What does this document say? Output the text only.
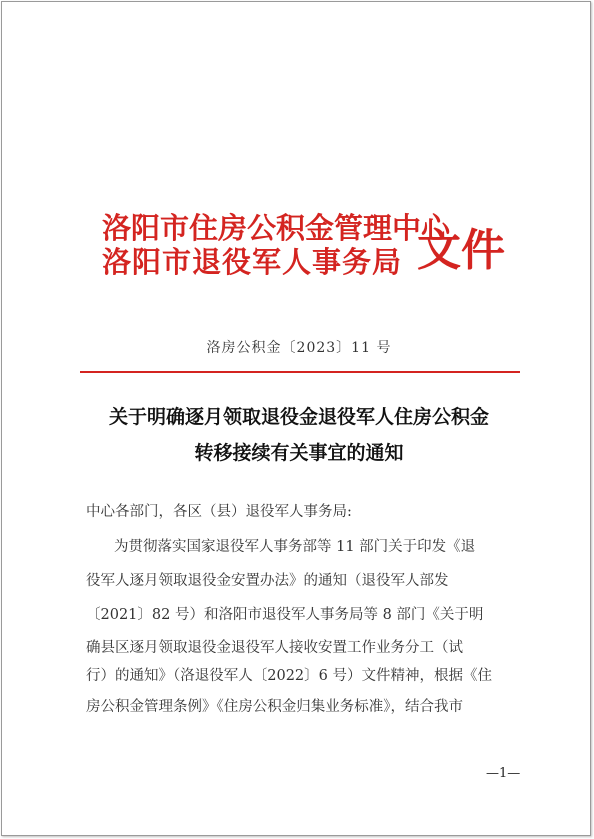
洛阳市住房公积金管理中心
洛阳市退役军人事务局 文件
洛房公积金〔2023〕11 号
关于明确逐月领取退役金退役军人住房公积金
转移接续有关事宜的通知
中心各部门，各区（县）退役军人事务局:
为贯彻落实国家退役军人事务部等 11 部门关于印发《退
役军人逐月领取退役金安置办法》的通知（退役军人部发
〔2021〕82 号）和洛阳市退役军人事务局等 8 部门《关于明
确县区逐月领取退役金退役军人接收安置工作业务分工（试
行）的通知》（洛退役军人〔2022〕6 号）文件精神，根据《住
房公积金管理条例》《住房公积金归集业务标准》，结合我市
—1—
